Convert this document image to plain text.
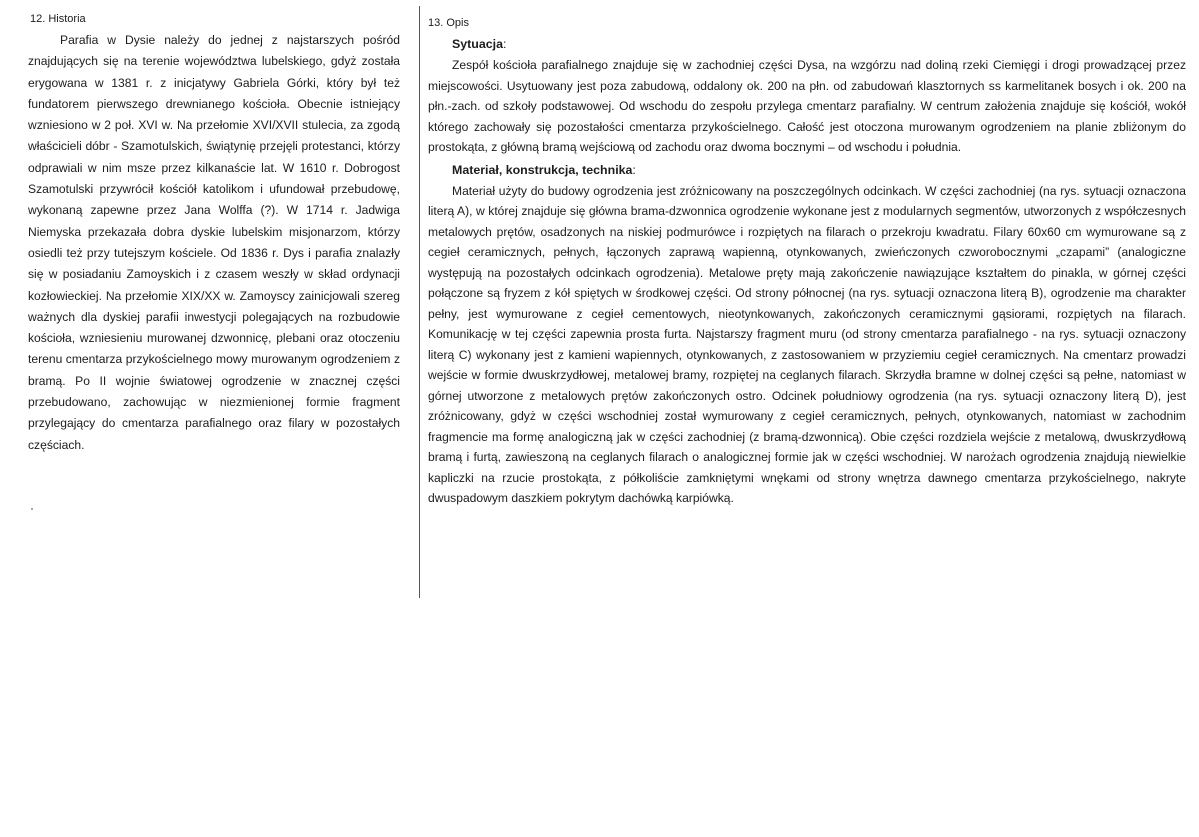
12. Historia

Parafia w Dysie należy do jednej z najstarszych pośród znajdujących się na terenie województwa lubelskiego, gdyż została erygowana w 1381 r. z inicjatywy Gabriela Górki, który był też fundatorem pierwszego drewnianego kościoła. Obecnie istniejący wzniesiono w 2 poł. XVI w. Na przełomie XVI/XVII stulecia, za zgodą właścicieli dóbr - Szamotulskich, świątynię przejęli protestanci, którzy odprawiali w nim msze przez kilkanaście lat. W 1610 r. Dobrogost Szamotulski przywrócił kościół katolikom i ufundował przebudowę, wykonaną zapewne przez Jana Wolffa (?). W 1714 r. Jadwiga Niemyska przekazała dobra dyskie lubelskim misjonarzom, którzy osiedli też przy tutejszym kościele. Od 1836 r. Dys i parafia znalazły się w posiadaniu Zamoyskich i z czasem weszły w skład ordynacji kozłowieckiej. Na przełomie XIX/XX w. Zamoyscy zainicjowali szereg ważnych dla dyskiej parafii inwestycji polegających na rozbudowie kościoła, wzniesieniu murowanej dzwonnicę, plebani oraz otoczeniu terenu cmentarza przykościelnego mowy murowanym ogrodzeniem z bramą. Po II wojnie światowej ogrodzenie w znacznej części przebudowano, zachowując w niezmienionej formie fragment przylegający do cmentarza parafialnego oraz filary w pozostałych częściach.

13. Opis
Sytuacja:

Zespół kościoła parafialnego znajduje się w zachodniej części Dysa, na wzgórzu nad doliną rzeki Ciemięgi i drogi prowadzącej przez miejscowości. Usytuowany jest poza zabudową, oddalony ok. 200 na płn. od zabudowań klasztornych ss karmelitanek bosych i ok. 200 na płn.-zach. od szkoły podstawowej. Od wschodu do zespołu przylega cmentarz parafialny. W centrum założenia znajduje się kościół, wokół którego zachowały się pozostałości cmentarza przykościelnego. Całość jest otoczona murowanym ogrodzeniem na planie zbliżonym do prostokąta, z główną bramą wejściową od zachodu oraz dwoma bocznymi – od wschodu i południa.

Materiał, konstrukcja, technika:

Materiał użyty do budowy ogrodzenia jest zróżnicowany na poszczególnych odcinkach. W części zachodniej (na rys. sytuacji oznaczona literą A), w której znajduje się główna brama-dzwonnica ogrodzenie wykonane jest z modularnych segmentów, utworzonych z współczesnych metalowych prętów, osadzonych na niskiej podmurówce i rozpiętych na filarach o przekroju kwadratu. Filary 60x60 cm wymurowane są z cegieł ceramicznych, pełnych, łączonych zaprawą wapienną, otynkowanych, zwieńczonych czworobocznymi „czapami” (analogiczne występują na pozostałych odcinkach ogrodzenia). Metalowe pręty mają zakończenie nawiązujące kształtem do pinakla, w górnej części połączone są fryzem z kół spiętych w środkowej części. Od strony północnej (na rys. sytuacji oznaczona literą B), ogrodzenie ma charakter pełny, jest wymurowane z cegieł cementowych, nieotynkowanych, zakończonych ceramicznymi gąsiorami, rozpiętych na filarach. Komunikację w tej części zapewnia prosta furta. Najstarszy fragment muru (od strony cmentarza parafialnego - na rys. sytuacji oznaczony literą C) wykonany jest z kamieni wapiennych, otynkowanych, z zastosowaniem w przyziemiu cegieł ceramicznych. Na cmentarz prowadzi wejście w formie dwuskrzydłowej, metalowej bramy, rozpiętej na ceglanych filarach. Skrzydła bramne w dolnej części są pełne, natomiast w górnej utworzone z metalowych prętów zakończonych ostro. Odcinek południowy ogrodzenia (na rys. sytuacji oznaczony literą D), jest zróżnicowany, gdyż w części wschodniej został wymurowany z cegieł ceramicznych, pełnych, otynkowanych, natomiast w zachodnim fragmencie ma formę analogiczną jak w części zachodniej (z bramą-dzwonnicą). Obie części rozdziela wejście z metalową, dwuskrzydłową bramą i furtą, zawieszoną na ceglanych filarach o analogicznej formie jak w części wschodniej. W narożach ogrodzenia znajdują niewielkie kapliczki na rzucie prostokąta, z półkoliście zamkniętymi wnękami od strony wnętrza dawnego cmentarza przykościelnego, nakryte dwuspadowym daszkiem pokrytym dachówką karpiówką.
